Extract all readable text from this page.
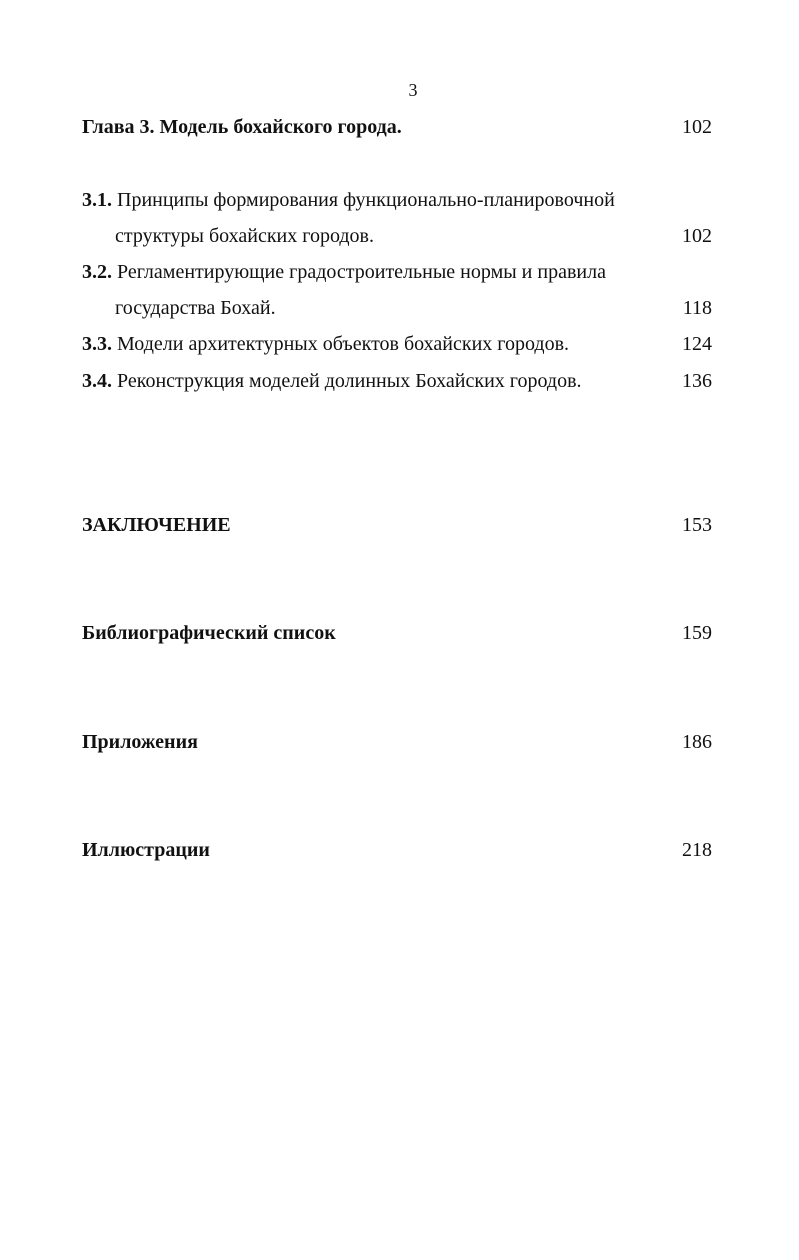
3
Глава 3. Модель бохайского города.	102
3.1. Принципы формирования функционально-планировочной
структуры бохайских городов.	102
3.2. Регламентирующие градостроительные нормы и правила
государства Бохай.	118
3.3. Модели архитектурных объектов бохайских городов.	124
3.4. Реконструкция моделей долинных Бохайских городов.	136
ЗАКЛЮЧЕНИЕ	153
Библиографический список	159
Приложения	186
Иллюстрации	218
